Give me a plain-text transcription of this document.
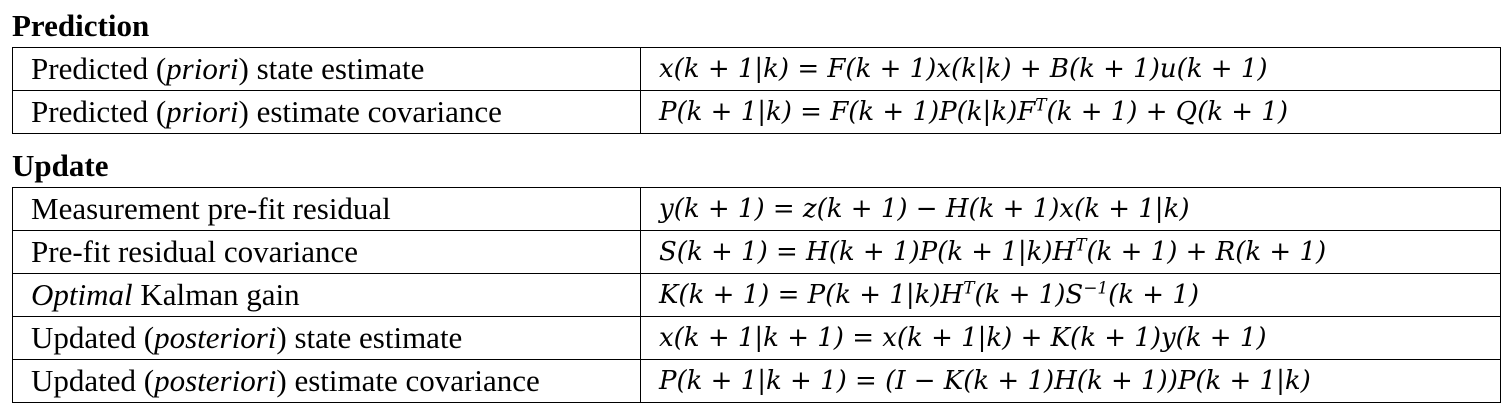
Prediction
Predicted (priori) state estimate	x(k + 1|k) = F(k + 1)x(k|k) + B(k + 1)u(k + 1)
Predicted (priori) estimate covariance	$P(k + 1|k) = F(k + 1)P(k|k)F^T(k + 1) + Q(k + 1)$
Update
Measurement pre-fit residual	y(k + 1) = z(k + 1) − H(k + 1)x(k + 1|k)
Pre-fit residual covariance	$S(k + 1) = H(k + 1)P(k + 1|k)H^T(k + 1) + R(k + 1)$
Optimal Kalman gain	$K(k + 1) = P(k + 1|k)H^T(k + 1)S^{-1}(k + 1)$
Updated (posteriori) state estimate	x(k + 1|k + 1) = x(k + 1|k) + K(k + 1)y(k + 1)
Updated (posteriori) estimate covariance	P(k + 1|k + 1) = (I − K(k + 1)H(k + 1))P(k + 1|k)
